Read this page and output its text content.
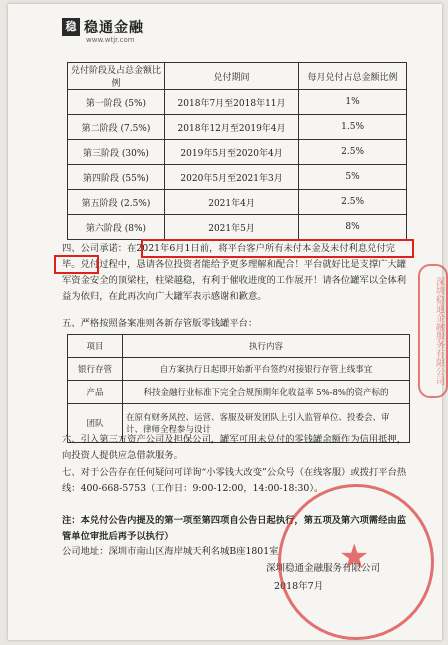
稳 稳通金融
www.wtjr.com
兑付阶段及占总金额比例	兑付期间	每月兑付占总金额比例
第一阶段 (5%)	2018年7月至2018年11月	1%
第二阶段 (7.5%)	2018年12月至2019年4月	1.5%
第三阶段 (30%)	2019年5月至2020年4月	2.5%
第四阶段 (55%)	2020年5月至2021年3月	5%
第五阶段 (2.5%)	2021年4月	2.5%
第六阶段 (8%)	2021年5月	8%
四、公司承诺：在2021年6月1日前，将平台客户所有未付本金及未付利息兑付完毕。兑付过程中，恳请各位投资者能给予更多理解和配合！平台就好比是支撑广大罐军资金安全的顶梁柱，柱梁越稳，有利于催收进度的工作展开！请各位罐军以全体利益为依归，在此再次向广大罐军表示感谢和歉意。
五、严格按照备案准则各新存管版零钱罐平台：
项目	执行内容
银行存管	自方案执行日起即开始新平台签约对接银行存管上线事宜
产品	科技金融行业标准下完全合规预期年化收益率 5%-8%的资产标的
团队	在原有财务风控、运营、客服及研发团队上引入监管单位、投委会、审计、律师全程参与设计
六、引入第三方资产公司及担保公司，罐军可用未兑付的零钱罐余额作为信用抵押，向投资人提供应急借款服务。
七、对于公告存在任何疑问可详询“小零钱大改变”公众号（在线客服）或拨打平台热线：400-668-5753（工作日：9:00-12:00，14:00-18:30）。
注：本兑付公告内提及的第一项至第四项自公告日起执行，第五项及第六项需经由监管单位审批后再予以执行）
公司地址：深圳市南山区海岸城天利名城B座1801室
深圳稳通金融服务有限公司
2018年7月
★
深圳稳通金融服务有限公司
